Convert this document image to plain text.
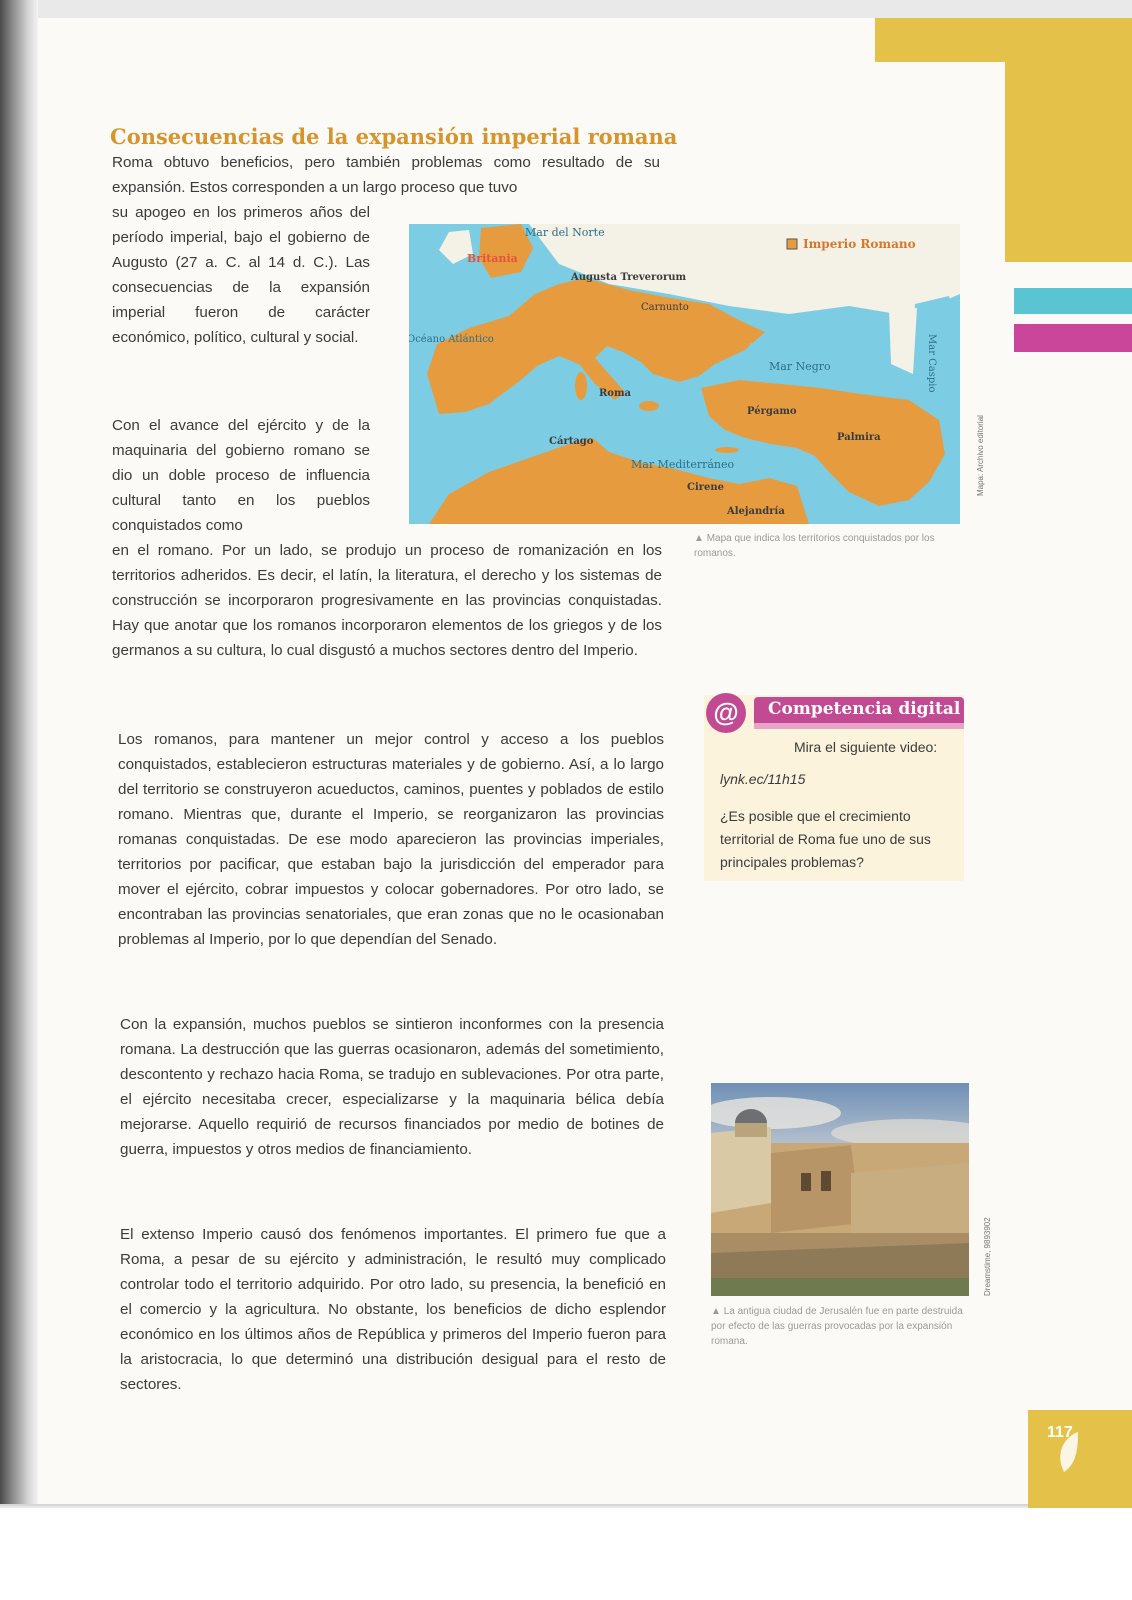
117
Consecuencias de la expansión imperial romana
Roma obtuvo beneficios, pero también problemas como resultado de su expansión. Estos corresponden a un largo proceso que tuvo
su apogeo en los primeros años del período imperial, bajo el gobierno de Augusto (27 a. C. al 14 d. C.). Las consecuencias de la expansión imperial fueron de carácter económico, político, cultural y social.
Con el avance del ejército y de la maquinaria del gobierno romano se dio un doble proceso de influencia cultural tanto en los pueblos conquistados como
en el romano. Por un lado, se produjo un proceso de romanización en los territorios adheridos. Es decir, el latín, la literatura, el derecho y los sistemas de construcción se incorporaron progresivamente en las provincias conquistadas. Hay que anotar que los romanos incorporaron elementos de los griegos y de los germanos a su cultura, lo cual disgustó a muchos sectores dentro del Imperio.
Los romanos, para mantener un mejor control y acceso a los pueblos conquistados, establecieron estructuras materiales y de gobierno. Así, a lo largo del territorio se construyeron acueductos, caminos, puentes y poblados de estilo romano. Mientras que, durante el Imperio, se reorganizaron las provincias romanas conquistadas. De ese modo aparecieron las provincias imperiales, territorios por pacificar, que estaban bajo la jurisdicción del emperador para mover el ejército, cobrar impuestos y colocar gobernadores. Por otro lado, se encontraban las provincias senatoriales, que eran zonas que no le ocasionaban problemas al Imperio, por lo que dependían del Senado.
Con la expansión, muchos pueblos se sintieron inconformes con la presencia romana. La destrucción que las guerras ocasionaron, además del sometimiento, descontento y rechazo hacia Roma, se tradujo en sublevaciones. Por otra parte, el ejército necesitaba crecer, especializarse y la maquinaria bélica debía mejorarse. Aquello requirió de recursos financiados por medio de botines de guerra, impuestos y otros medios de financiamiento.
El extenso Imperio causó dos fenómenos importantes. El primero fue que a Roma, a pesar de su ejército y administración, le resultó muy complicado controlar todo el territorio adquirido. Por otro lado, su presencia, la benefició en el comercio y la agricultura. No obstante, los beneficios de dicho esplendor económico en los últimos años de República y primeros del Imperio fueron para la aristocracia, lo que determinó una distribución desigual para el resto de sectores.
Imperio Romano
Mar del Norte
Britania
Augusta Treverorum
Carnunto
Océano Atlántico
Roma
Mar Negro	Mar Caspio
Pérgamo
Palmira
Cártago
Mar Mediterráneo
Cirene
Alejandría
Mapa: Archivo editorial
▲ Mapa que indica los territorios conquistados por los romanos.
@	Competencia digital
Mira el siguiente video:
lynk.ec/11h15
¿Es posible que el crecimiento territorial de Roma fue uno de sus principales problemas?
Dreamstime, 9893902
▲ La antigua ciudad de Jerusalén fue en parte destruida por efecto de las guerras provocadas por la expansión romana.
